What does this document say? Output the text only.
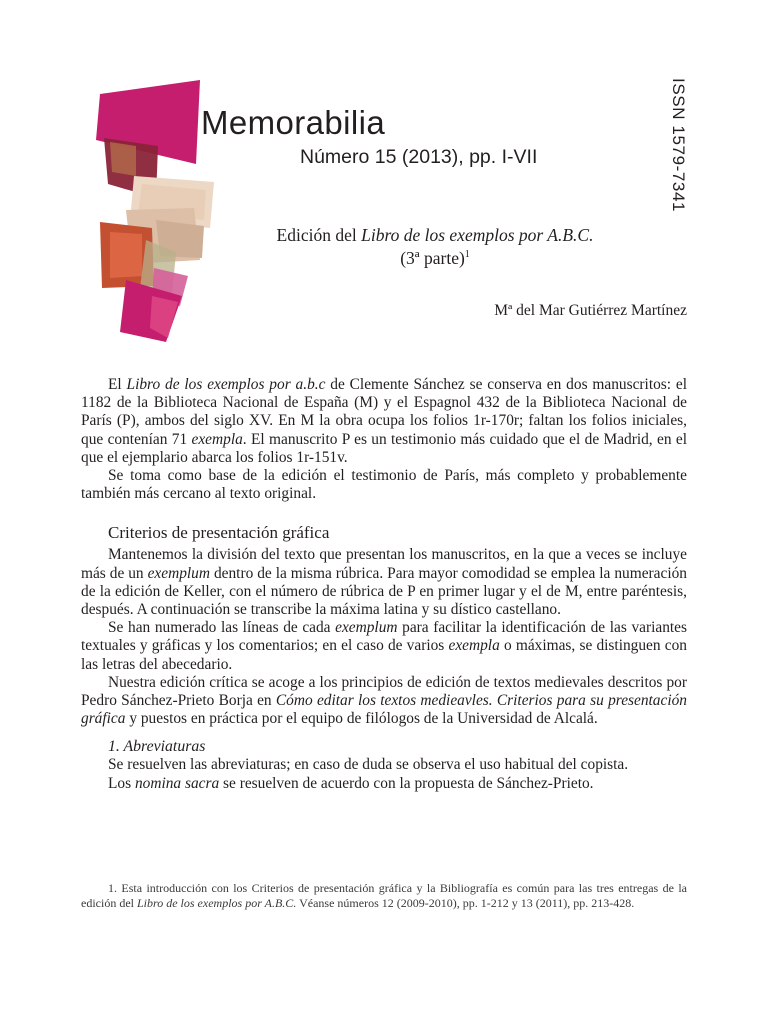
Memorabilia
Número 15 (2013), pp. I-VII	ISSN 1579-7341
Edición del Libro de los exemplos por A.B.C.
(3ª parte)$^1$
Mª del Mar Gutiérrez Martínez

El Libro de los exemplos por a.b.c de Clemente Sánchez se conserva en dos manuscritos: el 1182 de la Biblioteca Nacional de España (M) y el Espagnol 432 de la Biblioteca Nacional de París (P), ambos del siglo XV. En M la obra ocupa los folios 1r-170r; faltan los folios iniciales, que contenían 71 exempla. El manuscrito P es un testimonio más cuidado que el de Madrid, en el que el ejemplario abarca los folios 1r-151v.

Se toma como base de la edición el testimonio de París, más completo y probablemente también más cercano al texto original.

Criterios de presentación gráfica

Mantenemos la división del texto que presentan los manuscritos, en la que a veces se incluye más de un exemplum dentro de la misma rúbrica. Para mayor comodidad se emplea la numeración de la edición de Keller, con el número de rúbrica de P en primer lugar y el de M, entre paréntesis, después. A continuación se transcribe la máxima latina y su dístico castellano.

Se han numerado las líneas de cada exemplum para facilitar la identificación de las variantes textuales y gráficas y los comentarios; en el caso de varios exempla o máximas, se distinguen con las letras del abecedario.

Nuestra edición crítica se acoge a los principios de edición de textos medievales descritos por Pedro Sánchez-Prieto Borja en Cómo editar los textos medieavles. Criterios para su presentación gráfica y puestos en práctica por el equipo de filólogos de la Universidad de Alcalá.

1. Abreviaturas

Se resuelven las abreviaturas; en caso de duda se observa el uso habitual del copista.

Los nomina sacra se resuelven de acuerdo con la propuesta de Sánchez-Prieto.

1. Esta introducción con los Criterios de presentación gráfica y la Bibliografía es común para las tres entregas de la edición del Libro de los exemplos por A.B.C. Véanse números 12 (2009-2010), pp. 1-212 y 13 (2011), pp. 213-428.
